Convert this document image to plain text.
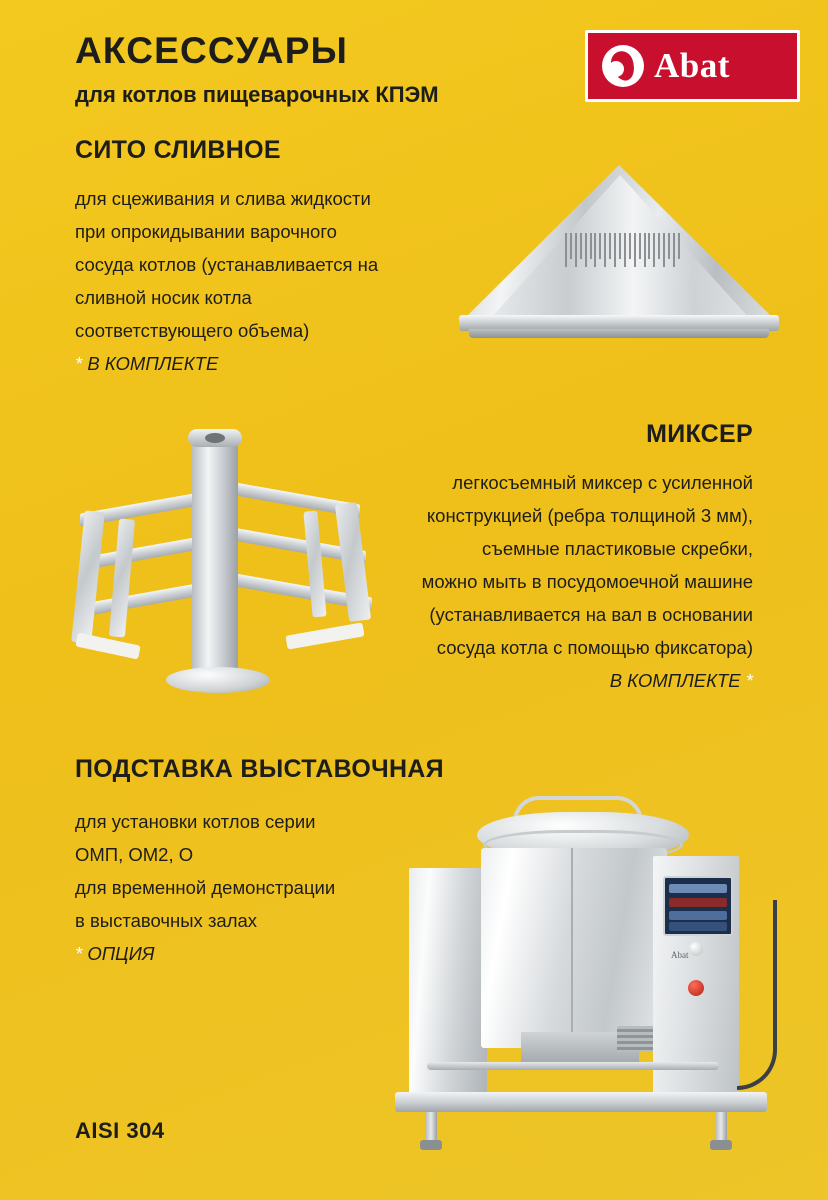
АКСЕССУАРЫ
для котлов пищеварочных КПЭМ
Abat
СИТО СЛИВНОЕ
для сцеживания и слива жидкости
при опрокидывании варочного
сосуда котлов (устанавливается на
сливной носик котла
соответствующего объема)
* В КОМПЛЕКТЕ
МИКСЕР
легкосъемный миксер с усиленной
конструкцией (ребра толщиной 3 мм),
съемные пластиковые скребки,
можно мыть в посудомоечной машине
(устанавливается на вал в основании
сосуда котла с помощью фиксатора)
В КОМПЛЕКТЕ *
ПОДСТАВКА ВЫСТАВОЧНАЯ
для установки котлов серии
ОМП, ОМ2, О
для временной демонстрации
в выставочных залах
* ОПЦИЯ	Abat
AISI 304
